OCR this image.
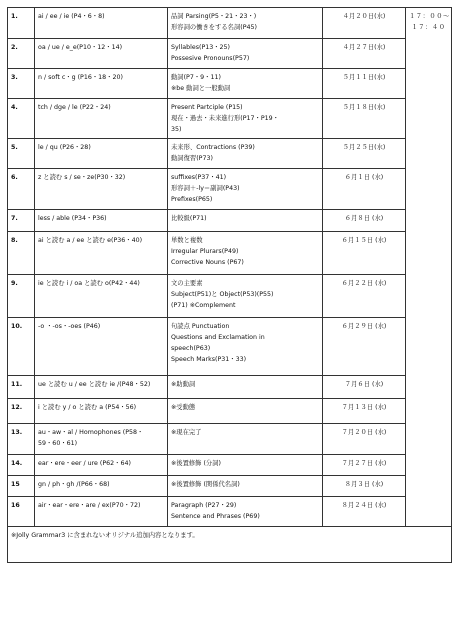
1.	ai / ee / ie (P4・6・8)	品詞 Parsing(P5・21・23・)
形容詞の働きをする名詞(P45)	４月２０日(水)	１７：００～
１７：４０

2.	oa / ue / e_e(P10・12・14)	Syllables(P13・25)
Possesive Pronouns(P57)	４月２７日(水)	
3.	n / soft c・g (P16・18・20)	動詞(P7・9・11)
※be 動詞と一般動詞	５月１１日(水)	
4.	tch / dge / le (P22・24)	Present Partciple (P15)
現在・過去・未来進行形(P17・P19・
35)	５月１８日(水)	
5.	le / qu (P26・28)	未来形、Contractions (P39)
動詞復習(P73)	５月２５日(水)	
6.	z と読む s / se・ze(P30・32)	suffixes(P37・41)
形容詞＋-ly＝副詞(P43)
Prefixes(P65)	６月１日 (水)	
7.	less / able (P34・P36)	比較級(P71)	６月８日 (水)	
8.	ai と読む a / ee と読む e(P36・40)	単数と複数
Irregular Plurars(P49)
Corrective Nouns (P67)	６月１５日 (水)	
9.	ie と読む i / oa と読む o(P42・44)	文の主要素
Subject(P51)と Object(P53)(P55)
(P71) ※Complement	６月２２日 (水)	
10.	-o ・-os・-oes (P46)	句読点 Punctuation
Questions and Exclamation in
speech(P63)
Speech Marks(P31・33)	６月２９日 (水)	
11.	ue と読む u / ee と読む ie /(P48・52)	※助動詞	７月６日 (水)	
12.	i と読む y / o と読む a (P54・56)	※受動態	７月１３日 (水)	
13.	au・aw・al / Homophones (P58・
59・60・61)	※現在完了	７月２０日 (水)	
14.	ear・ere・eer / ure (P62・64)	※後置修飾 (分詞)	７月２７日 (水)	
15	gn / ph・gh /(P66・68)	※後置修飾 (関係代名詞)	８月３日 (水)	
16	air・ear・ere・are / ex(P70・72)	Paragraph (P27・29)
Sentence and Phrases (P69)	８月２４日 (水)	

※Jolly Grammar3 に含まれないオリジナル追加内容となります。				
